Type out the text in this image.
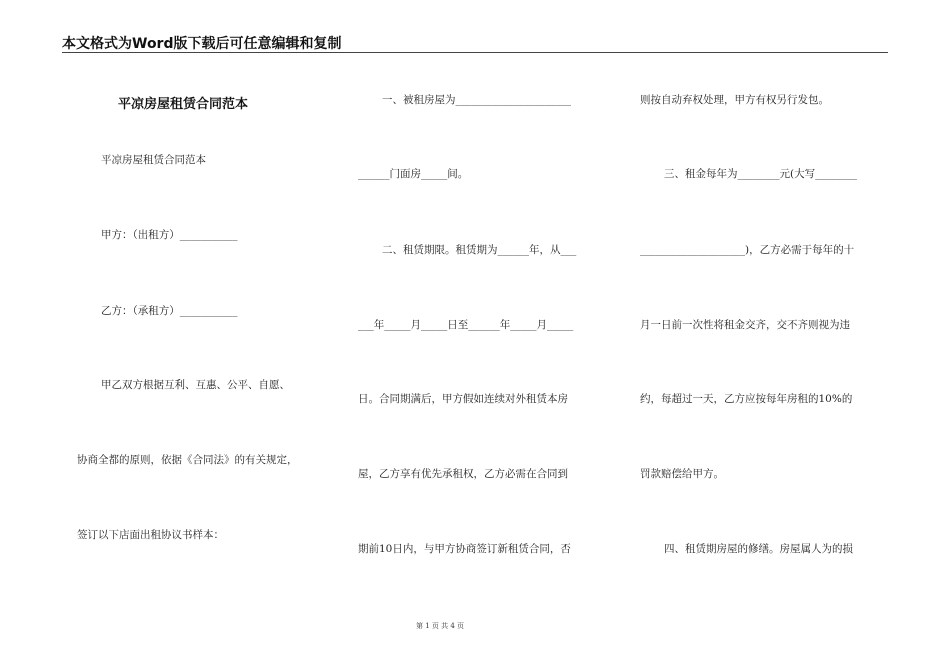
本文格式为Word版下载后可任意编辑和复制
平凉房屋租赁合同范本
平凉房屋租赁合同范本
甲方：（出租方）___________
乙方：（承租方）___________
甲乙双方根据互利、互惠、公平、自愿、
协商全都的原则，依据《合同法》的有关规定，
签订以下店面出租协议书样本：
一、被租房屋为______________________
______门面房_____间。
二、租赁期限。租赁期为______年，从___
___年_____月_____日至______年_____月_____
日。合同期满后，甲方假如连续对外租赁本房
屋，乙方享有优先承租权，乙方必需在合同到
期前10日内，与甲方协商签订新租赁合同，否
则按自动弃权处理，甲方有权另行发包。
三、租金每年为________元(大写________
____________________)，乙方必需于每年的十
月一日前一次性将租金交齐，交不齐则视为违
约，每超过一天，乙方应按每年房租的10%的
罚款赔偿给甲方。
四、租赁期房屋的修缮。房屋属人为的损
第 1 页 共 4 页
